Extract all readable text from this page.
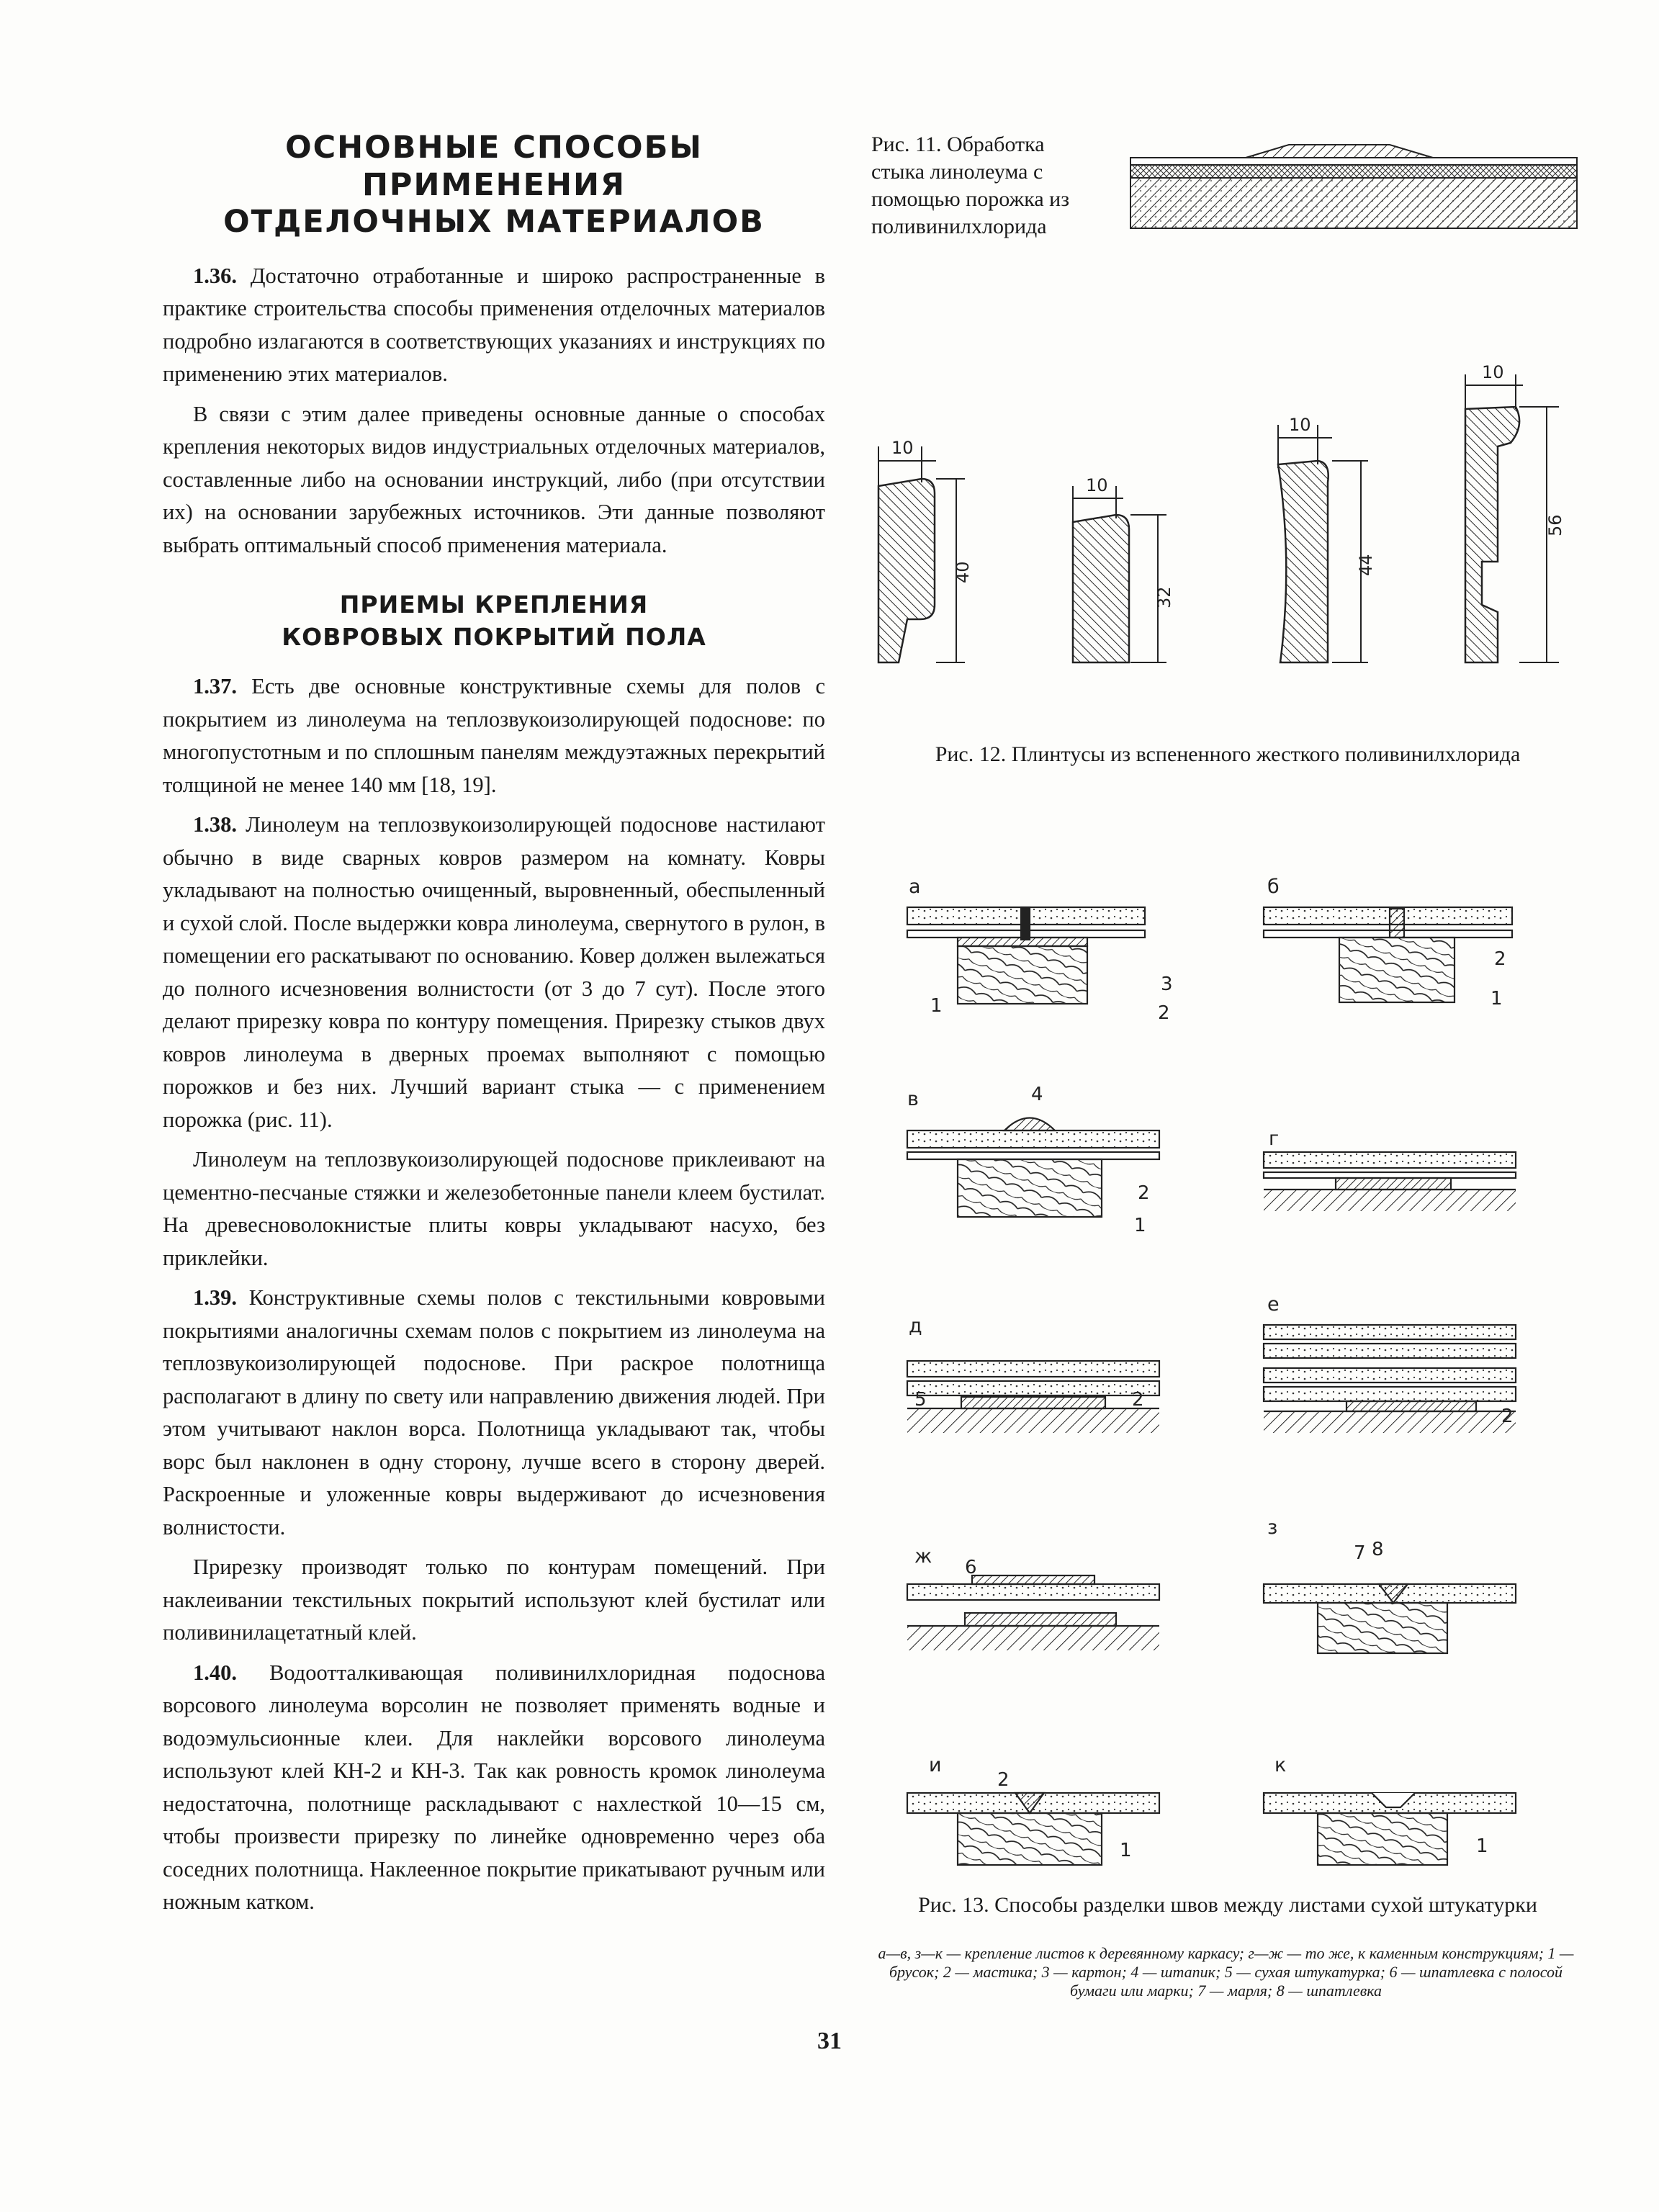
ОСНОВНЫЕ СПОСОБЫ ПРИМЕНЕНИЯ
ОТДЕЛОЧНЫХ МАТЕРИАЛОВ

1.36. Достаточно отработанные и широко распространенные в практике строительства способы применения отделочных материалов подробно излагаются в соответствующих указаниях и инструкциях по применению этих материалов.

В связи с этим далее приведены основные данные о способах крепления некоторых видов индустриальных отделочных материалов, составленные либо на основании инструкций, либо (при отсутствии их) на основании зарубежных источников. Эти данные позволяют выбрать оптимальный способ применения материала.

ПРИЕМЫ КРЕПЛЕНИЯ
КОВРОВЫХ ПОКРЫТИЙ ПОЛА

1.37. Есть две основные конструктивные схемы для полов с покрытием из линолеума на теплозвукоизолирующей подоснове: по многопустотным и по сплошным панелям междуэтажных перекрытий толщиной не менее 140 мм [18, 19].

1.38. Линолеум на теплозвукоизолирующей подоснове настилают обычно в виде сварных ковров размером на комнату. Ковры укладывают на полностью очищенный, выровненный, обеспыленный и сухой слой. После выдержки ковра линолеума, свернутого в рулон, в помещении его раскатывают по основанию. Ковер должен вылежаться до полного исчезновения волнистости (от 3 до 7 сут). После этого делают прирезку ковра по контуру помещения. Прирезку стыков двух ковров линолеума в дверных проемах выполняют с помощью порожков и без них. Лучший вариант стыка — с применением порожка (рис. 11).

Линолеум на теплозвукоизолирующей подоснове приклеивают на цементно-песчаные стяжки и железобетонные панели клеем бустилат. На древесноволокнистые плиты ковры укладывают насухо, без приклейки.

1.39. Конструктивные схемы полов с текстильными ковровыми покрытиями аналогичны схемам полов с покрытием из линолеума на теплозвукоизолирующей подоснове. При раскрое полотнища располагают в длину по свету или направлению движения людей. При этом учитывают наклон ворса. Полотнища укладывают так, чтобы ворс был наклонен в одну сторону, лучше всего в сторону дверей. Раскроенные и уложенные ковры выдерживают до исчезновения волнистости.

Прирезку производят только по контурам помещений. При наклеивании текстильных покрытий используют клей бустилат или поливинилацетатный клей.

1.40. Водоотталкивающая поливинилхлоридная подоснова ворсового линолеума ворсолин не позволяет применять водные и водоэмульсионные клеи. Для наклейки ворсового линолеума используют клей КН-2 и КН-3. Так как ровность кромок линолеума недостаточна, полотнище раскладывают с нахлесткой 10—15 см, чтобы произвести прирезку по линейке одновременно через оба соседних полотнища. Наклеенное покрытие прикатывают ручным или ножным катком.

Рис. 11. Обработка стыка линолеума с помощью порожка из поливинилхлорида
10
40
10
32
10
44
10
56
Рис. 12. Плинтусы из вспененного жесткого поливинилхлорида
а	б
в
г
д
е
ж
з
и	к
1
3
2
2
1
4
2
1
5	2
2
6
7 8
2
1	1
Рис. 13. Способы разделки швов между листами сухой штукатурки
а—в, з—к — крепление листов к деревянному каркасу; г—ж — то же, к каменным конструкциям; 1 — брусок; 2 — мастика; 3 — картон; 4 — штапик; 5 — сухая штукатурка; 6 — шпатлевка с полосой бумаги или марки; 7 — марля; 8 — шпатлевка
31
